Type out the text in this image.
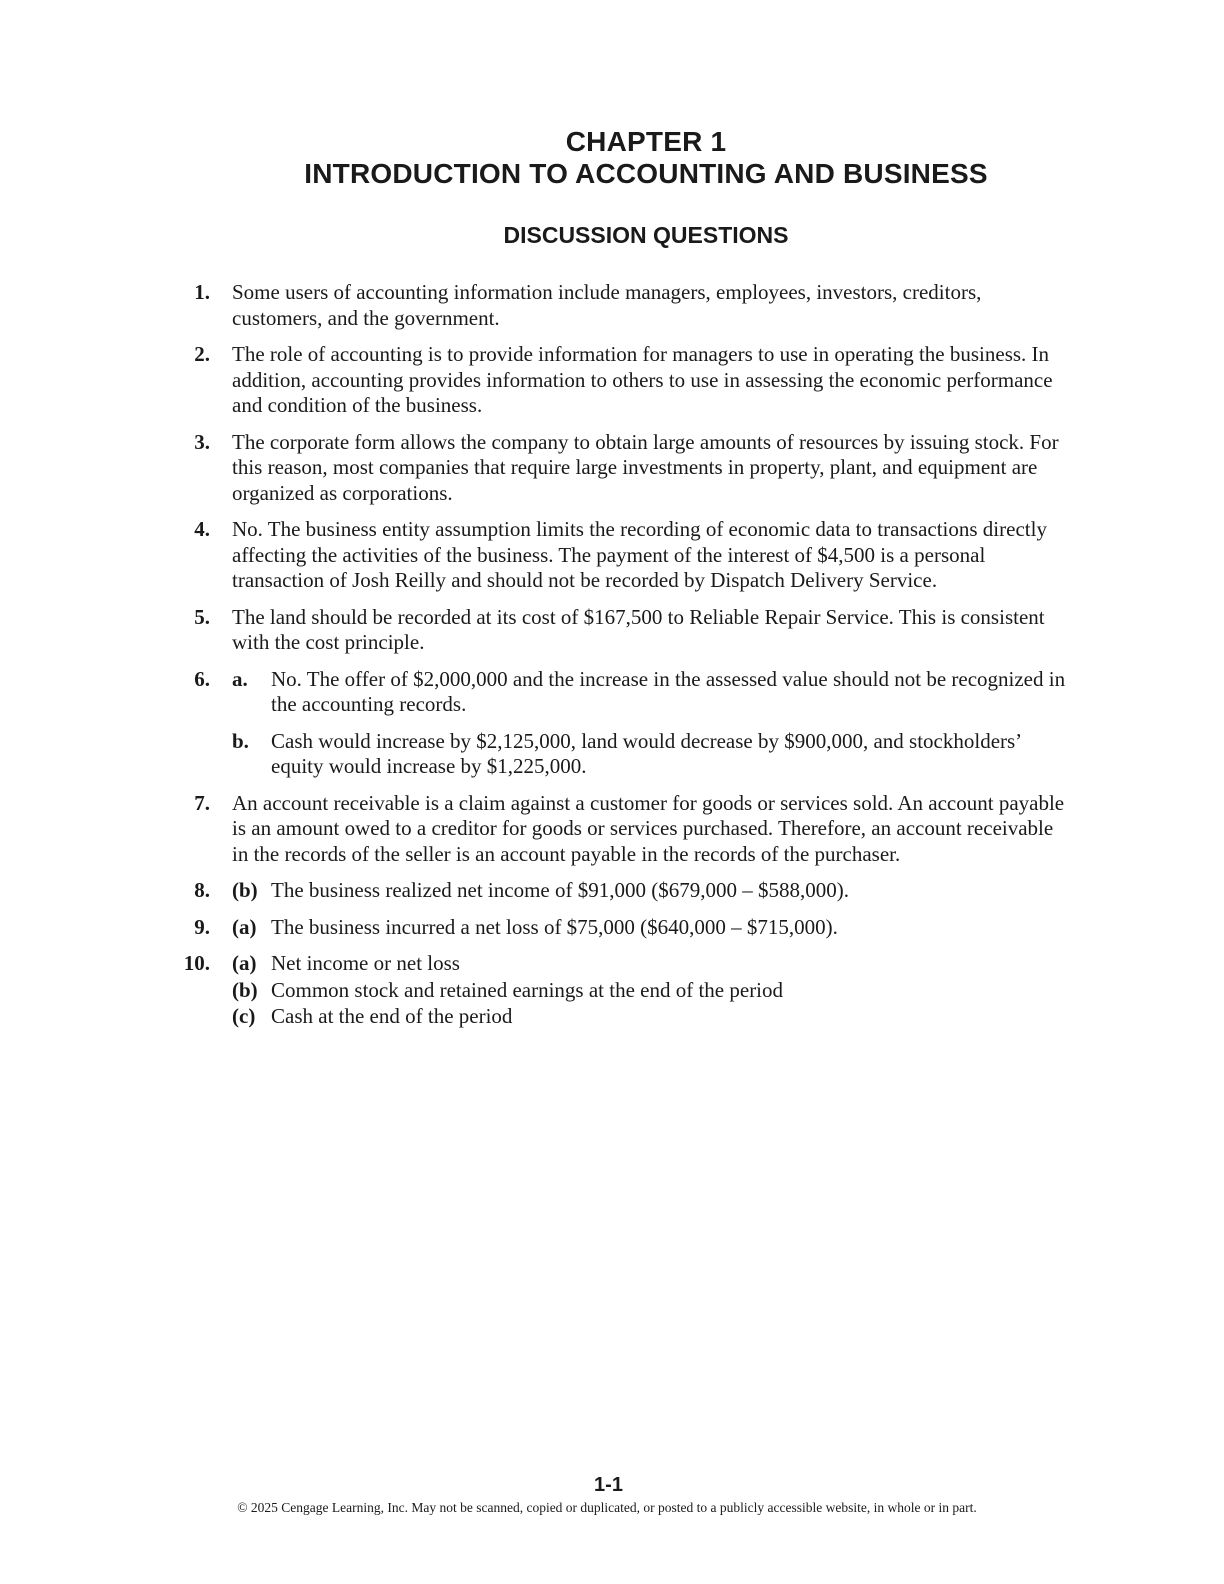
CHAPTER 1
INTRODUCTION TO ACCOUNTING AND BUSINESS
DISCUSSION QUESTIONS
1.	Some users of accounting information include managers, employees, investors, creditors, customers, and the government.
2.	The role of accounting is to provide information for managers to use in operating the business. In addition, accounting provides information to others to use in assessing the economic performance and condition of the business.
3.	The corporate form allows the company to obtain large amounts of resources by issuing stock. For this reason, most companies that require large investments in property, plant, and equipment are organized as corporations.
4.	No. The business entity assumption limits the recording of economic data to transactions directly affecting the activities of the business. The payment of the interest of $4,500 is a personal transaction of Josh Reilly and should not be recorded by Dispatch Delivery Service.
5.	The land should be recorded at its cost of $167,500 to Reliable Repair Service. This is consistent with the cost principle.
6.	a.	No. The offer of $2,000,000 and the increase in the assessed value should not be recognized in the accounting records.
b.	Cash would increase by $2,125,000, land would decrease by $900,000, and stockholders’ equity would increase by $1,225,000.
7.	An account receivable is a claim against a customer for goods or services sold. An account payable is an amount owed to a creditor for goods or services purchased. Therefore, an account receivable in the records of the seller is an account payable in the records of the purchaser.
8.	(b) The business realized net income of $91,000 ($679,000 – $588,000).
9.	(a) The business incurred a net loss of $75,000 ($640,000 – $715,000).
10.	(a) Net income or net loss
(b) Common stock and retained earnings at the end of the period
(c) Cash at the end of the period
1-1
© 2025 Cengage Learning, Inc. May not be scanned, copied or duplicated, or posted to a publicly accessible website, in whole or in part.
